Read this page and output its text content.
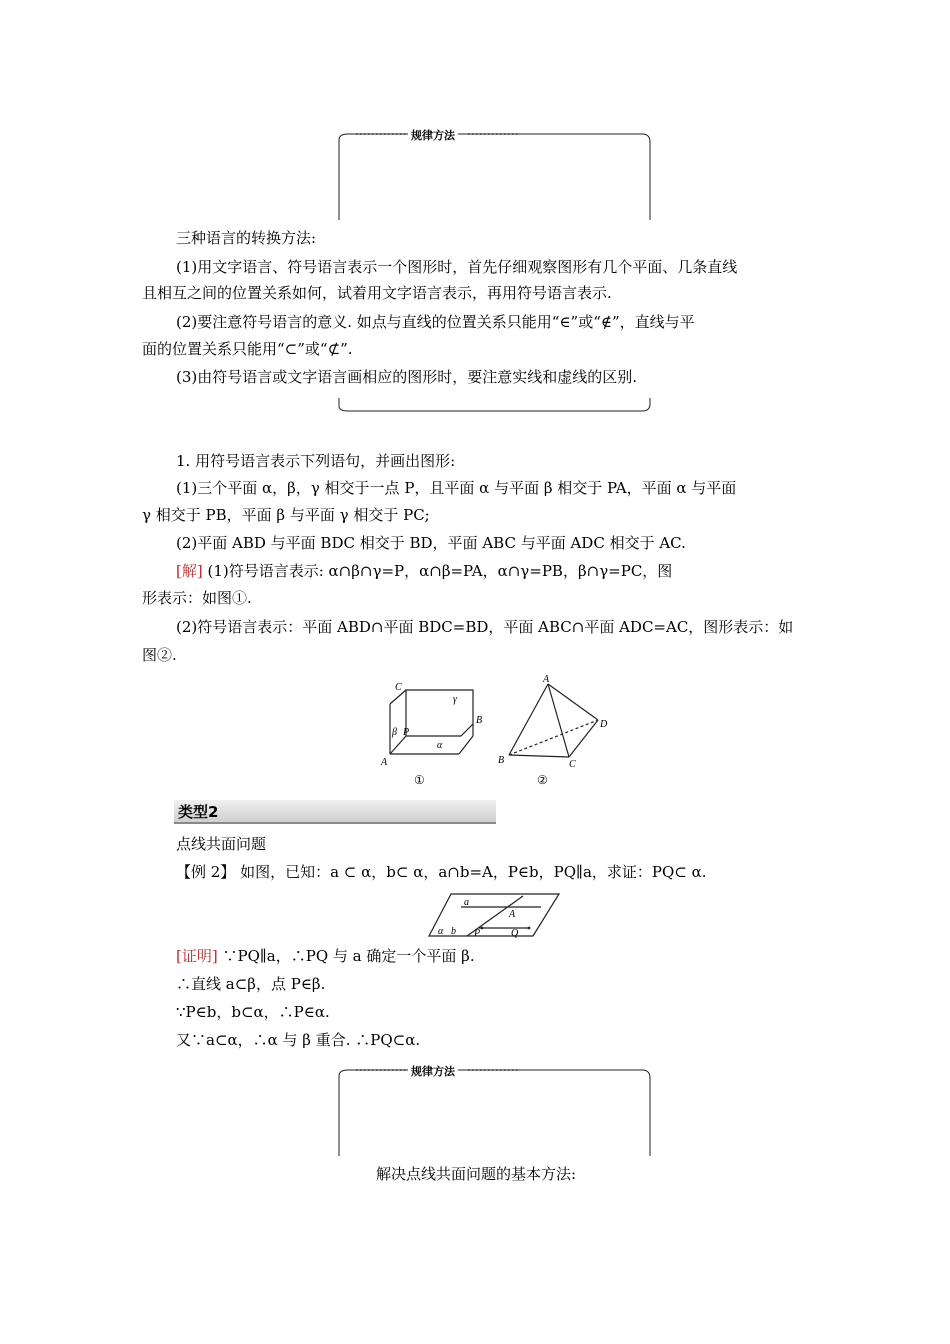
规律方法
三种语言的转换方法:
(1)用文字语言、符号语言表示一个图形时，首先仔细观察图形有几个平面、几条直线
且相互之间的位置关系如何，试着用文字语言表示，再用符号语言表示.
(2)要注意符号语言的意义. 如点与直线的位置关系只能用“∈”或“∉”，直线与平
面的位置关系只能用“⊂”或“⊄”.
(3)由符号语言或文字语言画相应的图形时，要注意实线和虚线的区别.
1. 用符号语言表示下列语句，并画出图形:
(1)三个平面 α，β，γ 相交于一点 P，且平面 α 与平面 β 相交于 PA，平面 α 与平面
γ 相交于 PB，平面 β 与平面 γ 相交于 PC;
(2)平面 ABD 与平面 BDC 相交于 BD，平面 ABC 与平面 ADC 相交于 AC.
[解] (1)符号语言表示: α∩β∩γ=P，α∩β=PA，α∩γ=PB，β∩γ=PC，图
形表示：如图①.
(2)符号语言表示：平面 ABD∩平面 BDC=BD，平面 ABC∩平面 ADC=AC，图形表示：如
图②.
C
γ
B
β P
α
A
①
A
D
B	C
②
类型2
点线共面问题
【例 2】 如图，已知：a ⊂ α，b⊂ α，a∩b=A，P∈b，PQ∥a，求证：PQ⊂ α.
a
A
α b P	Q
[证明] ∵PQ∥a，∴PQ 与 a 确定一个平面 β.
∴直线 a⊂β，点 P∈β.
∵P∈b，b⊂α，∴P∈α.
又∵a⊂α，∴α 与 β 重合. ∴PQ⊂α.
规律方法
解决点线共面问题的基本方法:
